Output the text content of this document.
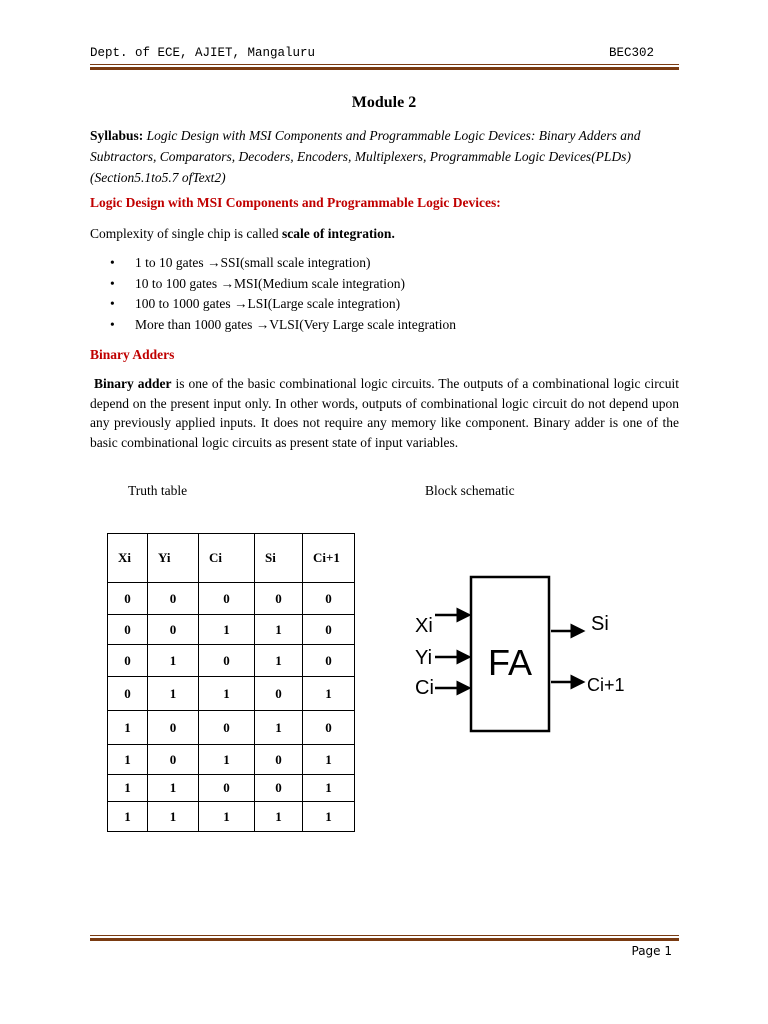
Dept. of ECE, AJIET, Mangaluru	BEC302
Module 2
Syllabus: Logic Design with MSI Components and Programmable Logic Devices: Binary Adders and Subtractors, Comparators, Decoders, Encoders, Multiplexers, Programmable Logic Devices(PLDs) (Section5.1to5.7 ofText2)
Logic Design with MSI Components and Programmable Logic Devices:
Complexity of single chip is called scale of integration.
• 1 to 10 gates →SSI(small scale integration)
• 10 to 100 gates →MSI(Medium scale integration)
• 100 to 1000 gates →LSI(Large scale integration)
• More than 1000 gates →VLSI(Very Large scale integration
Binary Adders
Binary adder is one of the basic combinational logic circuits. The outputs of a combinational logic circuit depend on the present input only. In other words, outputs of combinational logic circuit do not depend upon any previously applied inputs. It does not require any memory like component. Binary adder is one of the basic combinational logic circuits as present state of input variables.
Truth table	Block schematic
Xi	Yi	Ci	Si	Ci+1
0	0	0	0	0
0	0	1	1	0
0	1	0	1	0
0	1	1	0	1
1	0	0	1	0
1	0	1	0	1
1	1	0	0	1
1	1	1	1	1
FA
Xi
Yi
Ci
Si
Ci+1
Page 1
